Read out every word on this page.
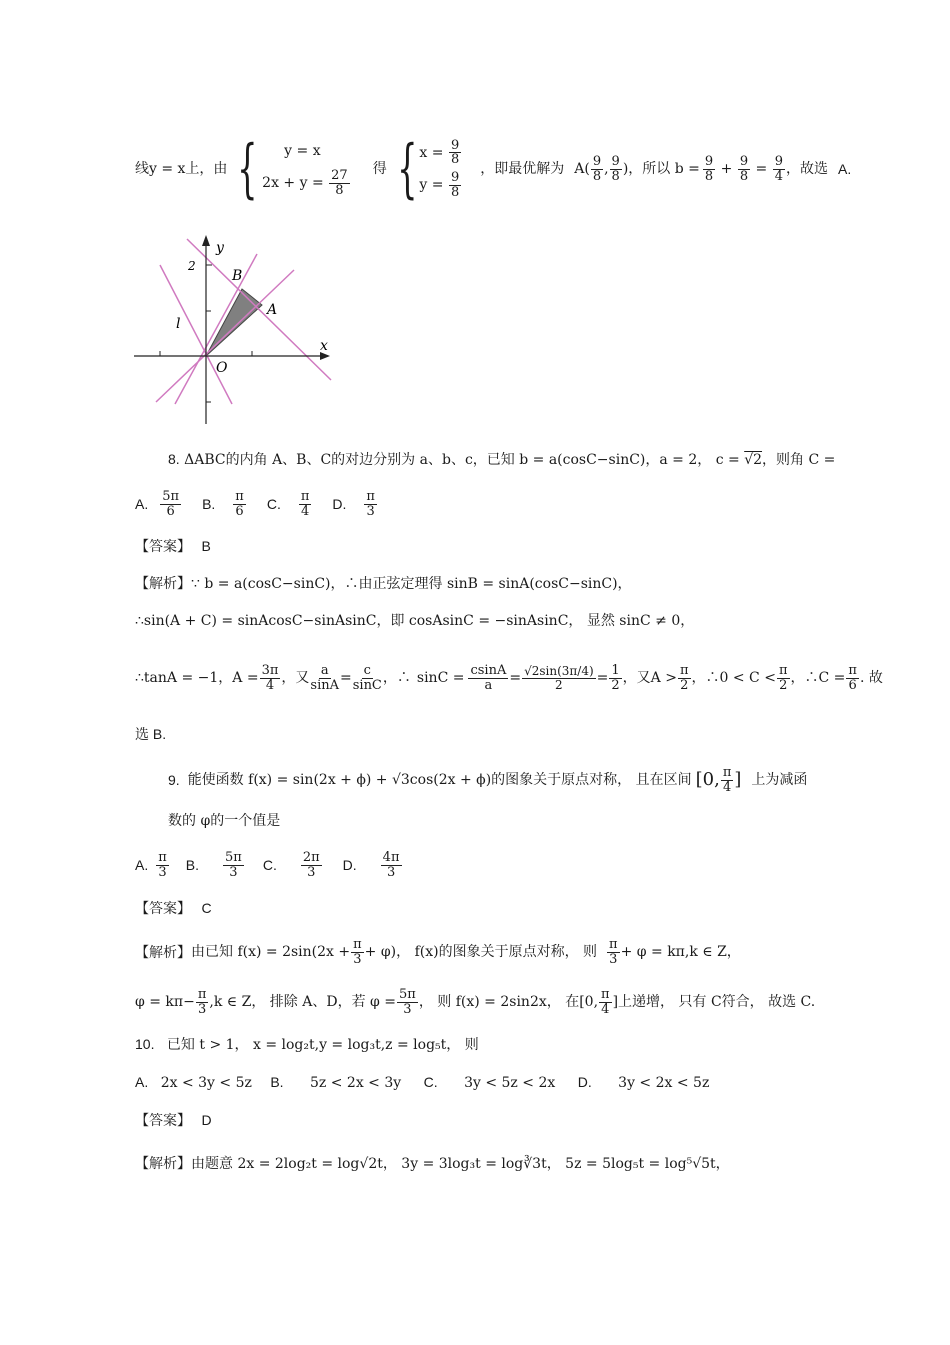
线y = x上，由 {	y = x
$2x + y = \frac{27}{8}$ 得 { $x = \frac{9}{8}$
$y = \frac{9}{8}$
，即最优解为 $A( \frac{9}{8}$ , $\frac{9}{8}$ )，所以 $b = \frac{9}{8} + \frac{9}{8} = \frac{9}{4}$ ，故选 A.
y
x
O
2
B
A
l
8. ΔABC的内角 A、B、C的对边分别为 a、b、c，已知 b = a(cosC−sinC)，a = 2， c = √2，则角 C =
A. $\frac{5\pi}{6} B$. $\frac{\pi}{6} C$. $\frac{\pi}{4} D$. $\frac{\pi}{3}$
【答案】 B
【解析】∵ b = a(cosC−sinC)，∴由正弦定理得 sinB = sinA(cosC−sinC)，
∴sin(A + C) = sinAcosC−sinAsinC，即 cosAsinC = −sinAsinC， 显然 sinC ≠ 0，
∴tanA = −1，$A = \frac{3\pi}{4}$ ，又 $\frac{a}{\sin A} = \frac{c}{\sin C}$ ，∴ $\sin C = \frac{csinA}{a} = \frac{√2\sin(3\pi/4)}{2} = \frac{1}{2}$ ，又$A > \frac{\pi}{2}$ ，∴0 < $C < \frac{\pi}{2}$ ，∴C = $\frac{\pi}{6}$ . 故
选 B.
9. 能使函数 f(x) = sin(2x + ϕ) + √3cos(2x + ϕ)的图象关于原点对称， 且在区间 [0, $\frac{\pi}{4}$ ] 上为减函
数的 φ的一个值是
A. $\frac{\pi}{3} B$. $\frac{5\pi}{3} C$. $\frac{2\pi}{3} D$. $\frac{4\pi}{3}$
【答案】 C
【解析】 由已知 $f(x) = 2\sin(2x + \frac{\pi}{3} + \varphi)$， f(x)的图象关于原点对称， 则 $\frac{\pi}{3} + \varphi = k\pi,k$ ∈ Z，
$\varphi = k\pi- \frac{\pi}{3} ,k$ ∈ Z， 排除 A、D，若 $\varphi = \frac{5\pi}{3}$ ， 则 f(x) = 2sin2x， 在[0, $\frac{\pi}{4}$ ]上递增， 只有 C符合， 故选 C.
10. 已知 t > 1， x = log₂t,y = log₃t,z = log₅t， 则
A. 2x < 3y < 5z B. 5z < 2x < 3y C. 3y < 5z < 2x D. 3y < 2x < 5z
【答案】 D
【解析】由题意 2x = 2log₂t = log√2t， 3y = 3log₃t = log∛3t， 5z = 5log₅t = log⁵√5t，
